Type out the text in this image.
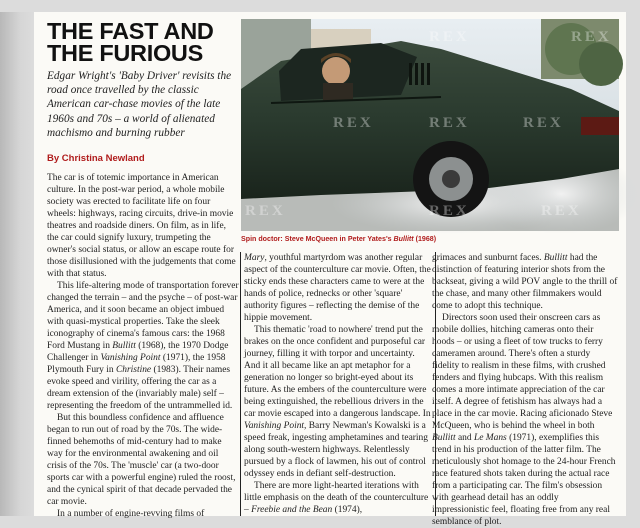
THE FAST AND
THE FURIOUS

Edgar Wright's 'Baby Driver' revisits the road once travelled by the classic American car-chase movies of the late 1960s and 70s – a world of alienated machismo and burning rubber

By Christina Newland

REX	REX	REX
REX	REX	REX
REX	REX

Spin doctor: Steve McQueen in Peter Yates's Bullitt (1968)

The car is of totemic importance in American culture. In the post-war period, a whole mobile society was erected to facilitate life on four wheels: highways, racing circuits, drive-in movie theatres and roadside diners. On film, as in life, the car could signify luxury, trumpeting the owner's social status, or allow an escape route for those disillusioned with the judgements that come with that status.

This life-altering mode of transportation forever changed the terrain – and the psyche – of post-war America, and it soon became an object imbued with quasi-mystical properties. Take the sleek iconography of cinema's famous cars: the 1968 Ford Mustang in Bullitt (1968), the 1970 Dodge Challenger in Vanishing Point (1971), the 1958 Plymouth Fury in Christine (1983). Their names evoke speed and virility, offering the car as a dream extension of the (invariably male) self – representing the freedom of the untrammelled id.

But this boundless confidence and affluence began to run out of road by the 70s. The wide-finned behemoths of mid-century had to make way for the environmental awakening and oil crisis of the 70s. The 'muscle' car (a two-door sports car with a powerful engine) ruled the roost, and the cynical spirit of that decade pervaded the car movie.

In a number of engine-revving films of

Mary, youthful martyrdom was another regular aspect of the counterculture car movie. Often, the sticky ends these characters came to were at the hands of police, rednecks or other 'square' authority figures – reflecting the demise of the hippie movement.

This thematic 'road to nowhere' trend put the brakes on the once confident and purposeful car journey, filling it with torpor and uncertainty. And it all became like an apt metaphor for a generation no longer so bright-eyed about its future. As the embers of the counterculture were being extinguished, the rebellious drivers in the car movie escaped into a dangerous landscape. In Vanishing Point, Barry Newman's Kowalski is a speed freak, ingesting amphetamines and tearing along south-western highways. Relentlessly pursued by a flock of lawmen, his out of control odyssey ends in defiant self-destruction.

There are more light-hearted iterations with little emphasis on the death of the counterculture – Freebie and the Bean (1974),

grimaces and sunburnt faces. Bullitt had the distinction of featuring interior shots from the backseat, giving a wild POV angle to the thrill of the chase, and many other filmmakers would come to adopt this technique.

Directors soon used their onscreen cars as mobile dollies, hitching cameras onto their hoods – or using a fleet of tow trucks to ferry cameramen around. There's often a sturdy fidelity to realism in these films, with crushed fenders and flying hubcaps. With this realism comes a more intimate appreciation of the car itself. A degree of fetishism has always had a place in the car movie. Racing aficionado Steve McQueen, who is behind the wheel in both Bullitt and Le Mans (1971), exemplifies this trend in his production of the latter film. The meticulously shot homage to the 24-hour French race featured shots taken during the actual race from a participating car. The film's obsession with gearhead detail has an oddly impressionistic feel, floating free from any real semblance of plot.
